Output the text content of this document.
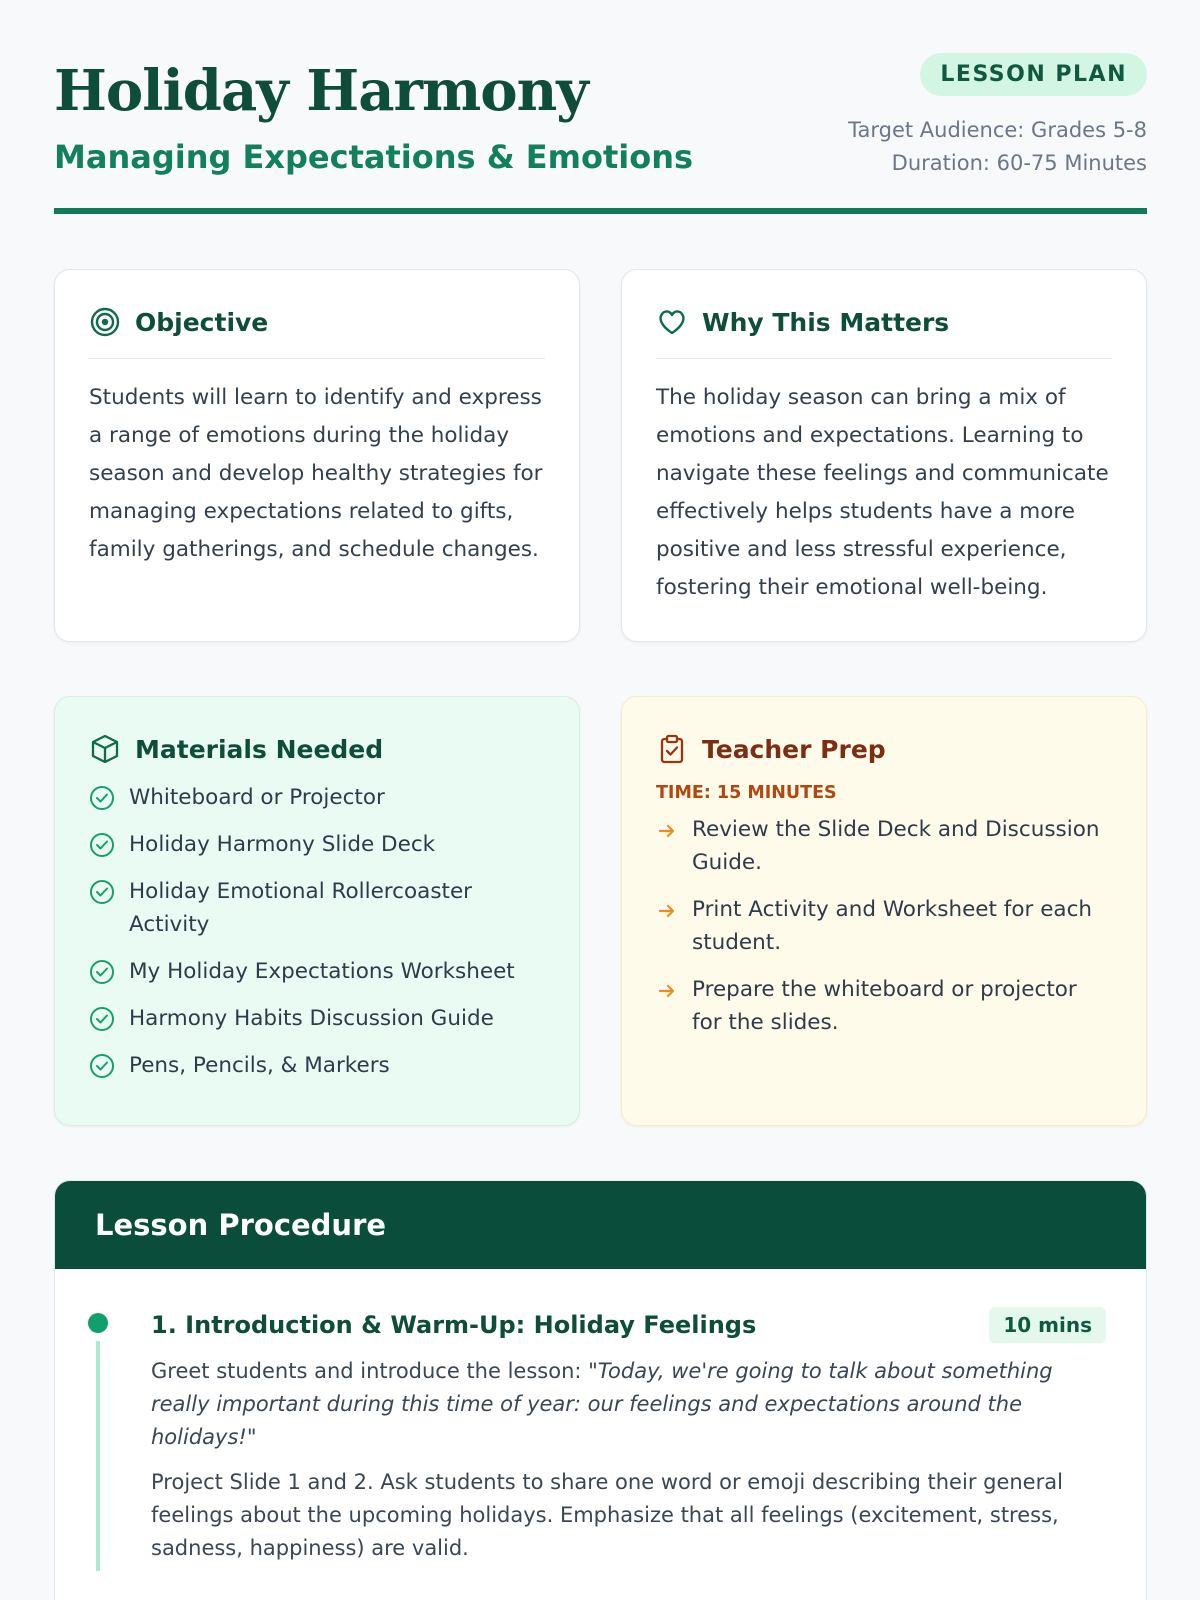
Holiday Harmony
Managing Expectations & Emotions
LESSON PLAN
Target Audience: Grades 5-8
Duration: 60-75 Minutes
Objective
Students will learn to identify and express a range of emotions during the holiday season and develop healthy strategies for managing expectations related to gifts, family gatherings, and schedule changes.
Why This Matters
The holiday season can bring a mix of emotions and expectations. Learning to navigate these feelings and communicate effectively helps students have a more positive and less stressful experience, fostering their emotional well-being.
Materials Needed
Whiteboard or Projector
Holiday Harmony Slide Deck
Holiday Emotional Rollercoaster Activity
My Holiday Expectations Worksheet
Harmony Habits Discussion Guide
Pens, Pencils, & Markers
Teacher Prep
TIME: 15 MINUTES
Review the Slide Deck and Discussion Guide.
Print Activity and Worksheet for each student.
Prepare the whiteboard or projector for the slides.
Lesson Procedure
1. Introduction & Warm-Up: Holiday Feelings	10 mins

Greet students and introduce the lesson: "Today, we're going to talk about something really important during this time of year: our feelings and expectations around the holidays!"

Project Slide 1 and 2. Ask students to share one word or emoji describing their general feelings about the upcoming holidays. Emphasize that all feelings (excitement, stress, sadness, happiness) are valid.
